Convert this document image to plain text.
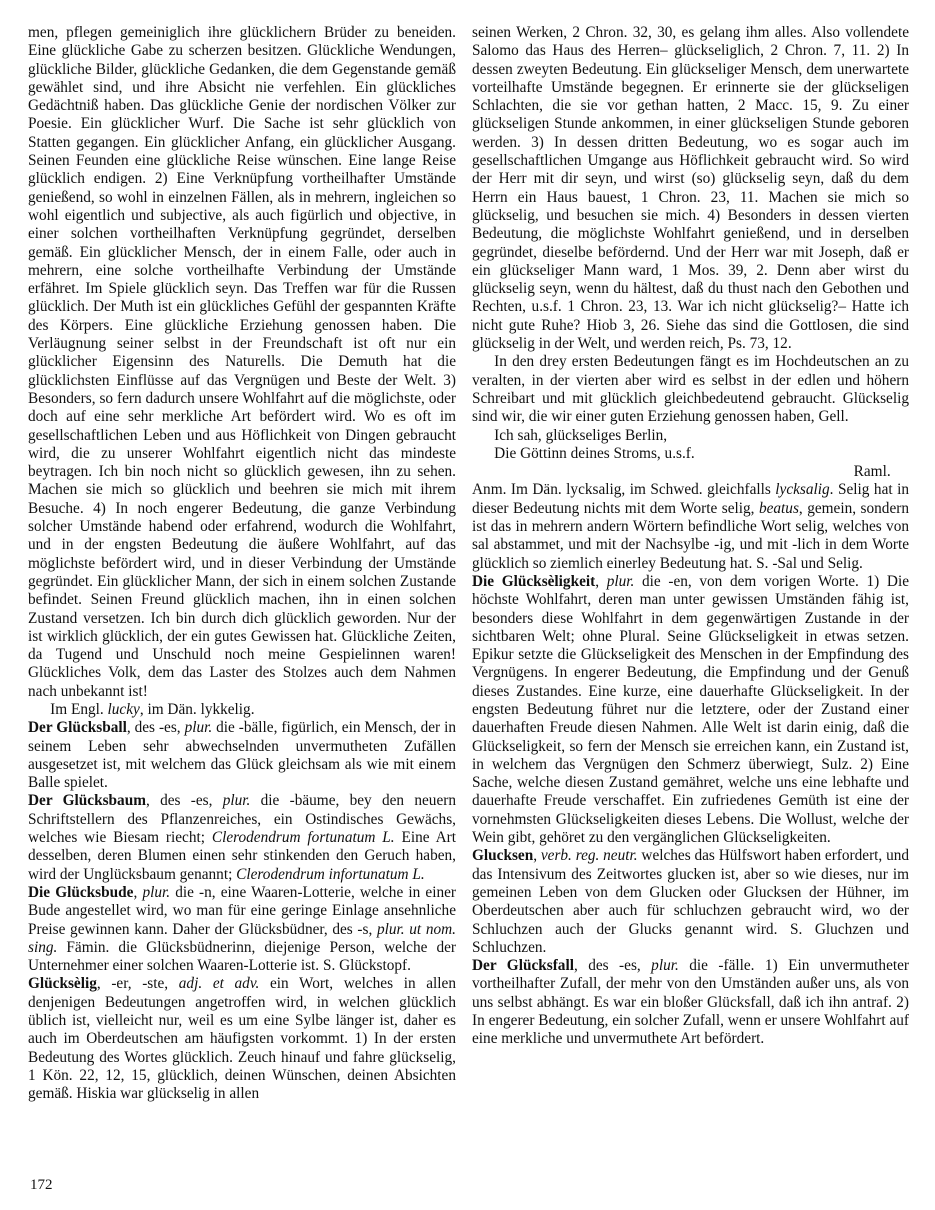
men, pflegen gemeiniglich ihre glücklichern Brüder zu beneiden. Eine glückliche Gabe zu scherzen besitzen. Glückliche Wendungen, glückliche Bilder, glückliche Gedanken, die dem Gegenstande gemäß gewählet sind, und ihre Absicht nie verfehlen. Ein glückliches Gedächtniß haben. Das glückliche Genie der nordischen Völker zur Poesie. Ein glücklicher Wurf. Die Sache ist sehr glücklich von Statten gegangen. Ein glücklicher Anfang, ein glücklicher Ausgang. Seinen Feunden eine glückliche Reise wünschen. Eine lange Reise glücklich endigen. 2) Eine Verknüpfung vortheilhafter Umstände genießend, so wohl in einzelnen Fällen, als in mehrern, ingleichen so wohl eigentlich und subjective, als auch figürlich und objective, in einer solchen vortheilhaften Verknüpfung gegründet, derselben gemäß. Ein glücklicher Mensch, der in einem Falle, oder auch in mehrern, eine solche vortheilhafte Verbindung der Umstände erfähret. Im Spiele glücklich seyn. Das Treffen war für die Russen glücklich. Der Muth ist ein glückliches Gefühl der gespannten Kräfte des Körpers. Eine glückliche Erziehung genossen haben. Die Verläugnung seiner selbst in der Freundschaft ist oft nur ein glücklicher Eigensinn des Naturells. Die Demuth hat die glücklichsten Einflüsse auf das Vergnügen und Beste der Welt. 3) Besonders, so fern dadurch unsere Wohlfahrt auf die möglichste, oder doch auf eine sehr merkliche Art befördert wird. Wo es oft im gesellschaftlichen Leben und aus Höflichkeit von Dingen gebraucht wird, die zu unserer Wohlfahrt eigentlich nicht das mindeste beytragen. Ich bin noch nicht so glücklich gewesen, ihn zu sehen. Machen sie mich so glücklich und beehren sie mich mit ihrem Besuche. 4) In noch engerer Bedeutung, die ganze Verbindung solcher Umstände habend oder erfahrend, wodurch die Wohlfahrt, und in der engsten Bedeutung die äußere Wohlfahrt, auf das möglichste befördert wird, und in dieser Verbindung der Umstände gegründet. Ein glücklicher Mann, der sich in einem solchen Zustande befindet. Seinen Freund glücklich machen, ihn in einen solchen Zustand versetzen. Ich bin durch dich glücklich geworden. Nur der ist wirklich glücklich, der ein gutes Gewissen hat. Glückliche Zeiten, da Tugend und Unschuld noch meine Gespielinnen waren! Glückliches Volk, dem das Laster des Stolzes auch dem Nahmen nach unbekannt ist!

Im Engl. lucky, im Dän. lykkelig.

Der Glücksball, des -es, plur. die -bälle, figürlich, ein Mensch, der in seinem Leben sehr abwechselnden unvermutheten Zufällen ausgesetzet ist, mit welchem das Glück gleichsam als wie mit einem Balle spielet.

Der Glücksbaum, des -es, plur. die -bäume, bey den neuern Schriftstellern des Pflanzenreiches, ein Ostindisches Gewächs, welches wie Biesam riecht; Clerodendrum fortunatum L. Eine Art desselben, deren Blumen einen sehr stinkenden den Geruch haben, wird der Unglücksbaum genannt; Clerodendrum infortunatum L.

Die Glücksbude, plur. die -n, eine Waaren-Lotterie, welche in einer Bude angestellet wird, wo man für eine geringe Einlage ansehnliche Preise gewinnen kann. Daher der Glücksbüdner, des -s, plur. ut nom. sing. Fämin. die Glücksbüdnerinn, diejenige Person, welche der Unternehmer einer solchen Waaren-Lotterie ist. S. Glückstopf.

Glücksèlig, -er, -ste, adj. et adv. ein Wort, welches in allen denjenigen Bedeutungen angetroffen wird, in welchen glücklich üblich ist, vielleicht nur, weil es um eine Sylbe länger ist, daher es auch im Oberdeutschen am häufigsten vorkommt. 1) In der ersten Bedeutung des Wortes glücklich. Zeuch hinauf und fahre glückselig, 1 Kön. 22, 12, 15, glücklich, deinen Wünschen, deinen Absichten gemäß. Hiskia war glückselig in allen

seinen Werken, 2 Chron. 32, 30, es gelang ihm alles. Also vollendete Salomo das Haus des Herren– glückseliglich, 2 Chron. 7, 11. 2) In dessen zweyten Bedeutung. Ein glückseliger Mensch, dem unerwartete vorteilhafte Umstände begegnen. Er erinnerte sie der glückseligen Schlachten, die sie vor gethan hatten, 2 Macc. 15, 9. Zu einer glückseligen Stunde ankommen, in einer glückseligen Stunde geboren werden. 3) In dessen dritten Bedeutung, wo es sogar auch im gesellschaftlichen Umgange aus Höflichkeit gebraucht wird. So wird der Herr mit dir seyn, und wirst (so) glückselig seyn, daß du dem Herrn ein Haus bauest, 1 Chron. 23, 11. Machen sie mich so glückselig, und besuchen sie mich. 4) Besonders in dessen vierten Bedeutung, die möglichste Wohlfahrt genießend, und in derselben gegründet, dieselbe befördernd. Und der Herr war mit Joseph, daß er ein glückseliger Mann ward, 1 Mos. 39, 2. Denn aber wirst du glückselig seyn, wenn du hältest, daß du thust nach den Gebothen und Rechten, u.s.f. 1 Chron. 23, 13. War ich nicht glückselig?– Hatte ich nicht gute Ruhe? Hiob 3, 26. Siehe das sind die Gottlosen, die sind glückselig in der Welt, und werden reich, Ps. 73, 12.

In den drey ersten Bedeutungen fängt es im Hochdeutschen an zu veralten, in der vierten aber wird es selbst in der edlen und höhern Schreibart und mit glücklich gleichbedeutend gebraucht. Glückselig sind wir, die wir einer guten Erziehung genossen haben, Gell.

Ich sah, glückseliges Berlin,

Die Göttinn deines Stroms, u.s.f.

Raml.

Anm. Im Dän. lycksalig, im Schwed. gleichfalls lycksalig. Selig hat in dieser Bedeutung nichts mit dem Worte selig, beatus, gemein, sondern ist das in mehrern andern Wörtern befindliche Wort selig, welches von sal abstammet, und mit der Nachsylbe -ig, und mit -lich in dem Worte glücklich so ziemlich einerley Bedeutung hat. S. -Sal und Selig.

Die Glücksèligkeit, plur. die -en, von dem vorigen Worte. 1) Die höchste Wohlfahrt, deren man unter gewissen Umständen fähig ist, besonders diese Wohlfahrt in dem gegenwärtigen Zustande in der sichtbaren Welt; ohne Plural. Seine Glückseligkeit in etwas setzen. Epikur setzte die Glückseligkeit des Menschen in der Empfindung des Vergnügens. In engerer Bedeutung, die Empfindung und der Genuß dieses Zustandes. Eine kurze, eine dauerhafte Glückseligkeit. In der engsten Bedeutung führet nur die letztere, oder der Zustand einer dauerhaften Freude diesen Nahmen. Alle Welt ist darin einig, daß die Glückseligkeit, so fern der Mensch sie erreichen kann, ein Zustand ist, in welchem das Vergnügen den Schmerz überwiegt, Sulz. 2) Eine Sache, welche diesen Zustand gemähret, welche uns eine lebhafte und dauerhafte Freude verschaffet. Ein zufriedenes Gemüth ist eine der vornehmsten Glückseligkeiten dieses Lebens. Die Wollust, welche der Wein gibt, gehöret zu den vergänglichen Glückseligkeiten.

Glucksen, verb. reg. neutr. welches das Hülfswort haben erfordert, und das Intensivum des Zeitwortes glucken ist, aber so wie dieses, nur im gemeinen Leben von dem Glucken oder Glucksen der Hühner, im Oberdeutschen aber auch für schluchzen gebraucht wird, wo der Schluchzen auch der Glucks genannt wird. S. Gluchzen und Schluchzen.

Der Glücksfall, des -es, plur. die -fälle. 1) Ein unvermutheter vortheilhafter Zufall, der mehr von den Umständen außer uns, als von uns selbst abhängt. Es war ein bloßer Glücksfall, daß ich ihn antraf. 2) In engerer Bedeutung, ein solcher Zufall, wenn er unsere Wohlfahrt auf eine merkliche und unvermuthete Art befördert.

172
